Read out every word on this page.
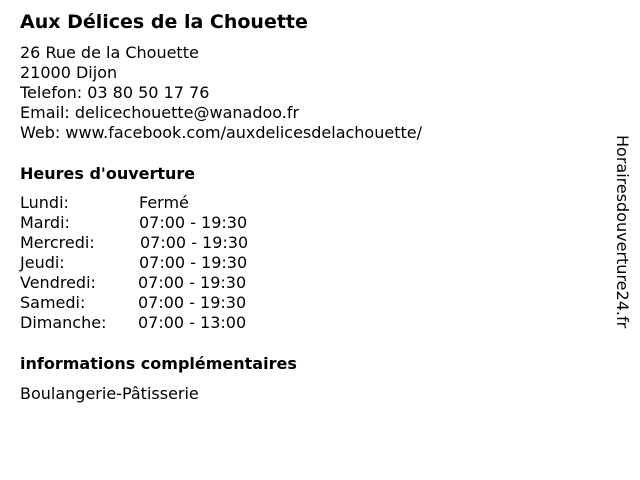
Aux Délices de la Chouette
26 Rue de la Chouette
21000 Dijon
Telefon: 03 80 50 17 76
Email: delicechouette@wanadoo.fr
Web: www.facebook.com/auxdelicesdelachouette/
Heures d'ouverture
Lundi:	Fermé
Mardi:	07:00 - 19:30
Mercredi:	07:00 - 19:30
Jeudi:	07:00 - 19:30
Vendredi:	07:00 - 19:30
Samedi:	07:00 - 19:30
Dimanche: 07:00 - 13:00
informations complémentaires
Boulangerie-Pâtisserie
Horairesdouverture24.fr
